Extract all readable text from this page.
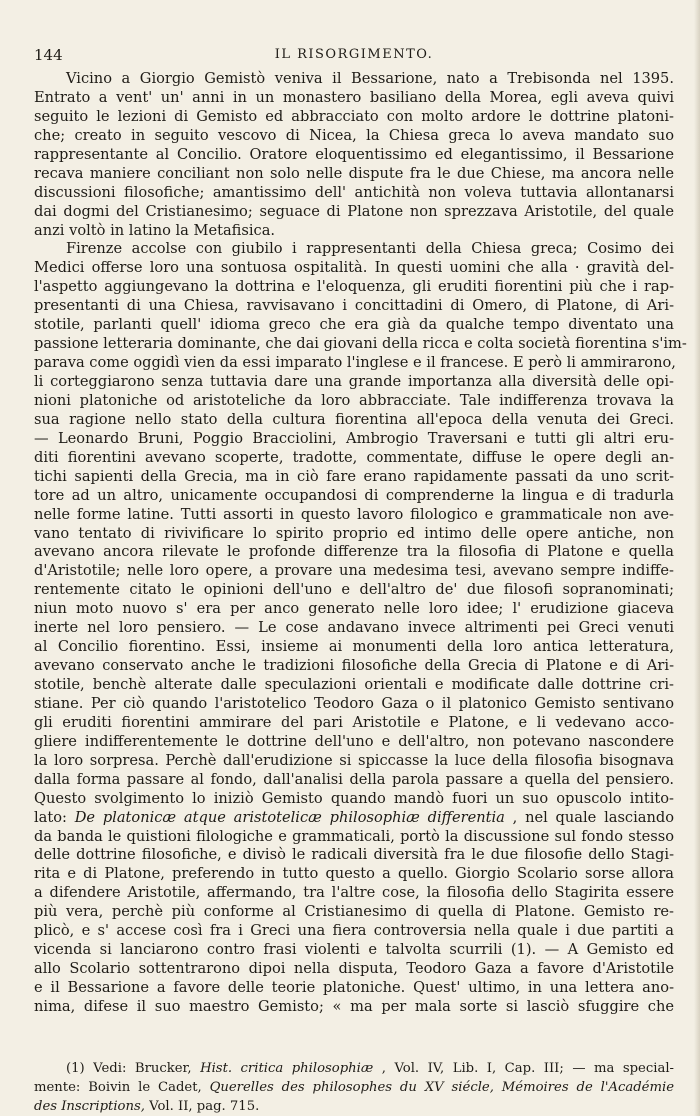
144	IL RISORGIMENTO.
Vicino a Giorgio Gemistò veniva il Bessarione, nato a Trebisonda nel 1395.
Entrato a vent' un' anni in un monastero basiliano della Morea, egli aveva quivi
seguito le lezioni di Gemisto ed abbracciato con molto ardore le dottrine platoni-
che; creato in seguito vescovo di Nicea, la Chiesa greca lo aveva mandato suo
rappresentante al Concilio. Oratore eloquentissimo ed elegantissimo, il Bessarione
recava maniere conciliant non solo nelle dispute fra le due Chiese, ma ancora nelle
discussioni filosofiche; amantissimo dell' antichità non voleva tuttavia allontanarsi
dai dogmi del Cristianesimo; seguace di Platone non sprezzava Aristotile, del quale
anzi voltò in latino la Metafisica.
Firenze accolse con giubilo i rappresentanti della Chiesa greca; Cosimo dei
Medici offerse loro una sontuosa ospitalità. In questi uomini che alla · gravità del-
l'aspetto aggiungevano la dottrina e l'eloquenza, gli eruditi fiorentini più che i rap-
presentanti di una Chiesa, ravvisavano i concittadini di Omero, di Platone, di Ari-
stotile, parlanti quell' idioma greco che era già da qualche tempo diventato una
passione letteraria dominante, che dai giovani della ricca e colta società fiorentina s'im-
parava come oggidì vien da essi imparato l'inglese e il francese. E però li ammirarono,
li corteggiarono senza tuttavia dare una grande importanza alla diversità delle opi-
nioni platoniche od aristoteliche da loro abbracciate. Tale indifferenza trovava la
sua ragione nello stato della cultura fiorentina all'epoca della venuta dei Greci.
— Leonardo Bruni, Poggio Bracciolini, Ambrogio Traversani e tutti gli altri eru-
diti fiorentini avevano scoperte, tradotte, commentate, diffuse le opere degli an-
tichi sapienti della Grecia, ma in ciò fare erano rapidamente passati da uno scrit-
tore ad un altro, unicamente occupandosi di comprenderne la lingua e di tradurla
nelle forme latine. Tutti assorti in questo lavoro filologico e grammaticale non ave-
vano tentato di rivivificare lo spirito proprio ed intimo delle opere antiche, non
avevano ancora rilevate le profonde differenze tra la filosofia di Platone e quella
d'Aristotile; nelle loro opere, a provare una medesima tesi, avevano sempre indiffe-
rentemente citato le opinioni dell'uno e dell'altro de' due filosofi sopranominati;
niun moto nuovo s' era per anco generato nelle loro idee; l' erudizione giaceva
inerte nel loro pensiero. — Le cose andavano invece altrimenti pei Greci venuti
al Concilio fiorentino. Essi, insieme ai monumenti della loro antica letteratura,
avevano conservato anche le tradizioni filosofiche della Grecia di Platone e di Ari-
stotile, benchè alterate dalle speculazioni orientali e modificate dalle dottrine cri-
stiane. Per ciò quando l'aristotelico Teodoro Gaza o il platonico Gemisto sentivano
gli eruditi fiorentini ammirare del pari Aristotile e Platone, e li vedevano acco-
gliere indifferentemente le dottrine dell'uno e dell'altro, non potevano nascondere
la loro sorpresa. Perchè dall'erudizione si spiccasse la luce della filosofia bisognava
dalla forma passare al fondo, dall'analisi della parola passare a quella del pensiero.
Questo svolgimento lo iniziò Gemisto quando mandò fuori un suo opuscolo intito-
lato: De platonicæ atque aristotelicæ philosophiæ differentia , nel quale lasciando
da banda le quistioni filologiche e grammaticali, portò la discussione sul fondo stesso
delle dottrine filosofiche, e divisò le radicali diversità fra le due filosofie dello Stagi-
rita e di Platone, preferendo in tutto questo a quello. Giorgio Scolario sorse allora
a difendere Aristotile, affermando, tra l'altre cose, la filosofia dello Stagirita essere
più vera, perchè più conforme al Cristianesimo di quella di Platone. Gemisto re-
plicò, e s' accese così fra i Greci una fiera controversia nella quale i due partiti a
vicenda si lanciarono contro frasi violenti e talvolta scurrili (1). — A Gemisto ed
allo Scolario sottentrarono dipoi nella disputa, Teodoro Gaza a favore d'Aristotile
e il Bessarione a favore delle teorie platoniche. Quest' ultimo, in una lettera ano-
nima, difese il suo maestro Gemisto; « ma per mala sorte si lasciò sfuggire che
(1) Vedi: Brucker, Hist. critica philosophiæ , Vol. IV, Lib. I, Cap. III; — ma special-
mente: Boivin le Cadet, Querelles des philosophes du XV siécle, Mémoires de l'Académie
des Inscriptions, Vol. II, pag. 715.
